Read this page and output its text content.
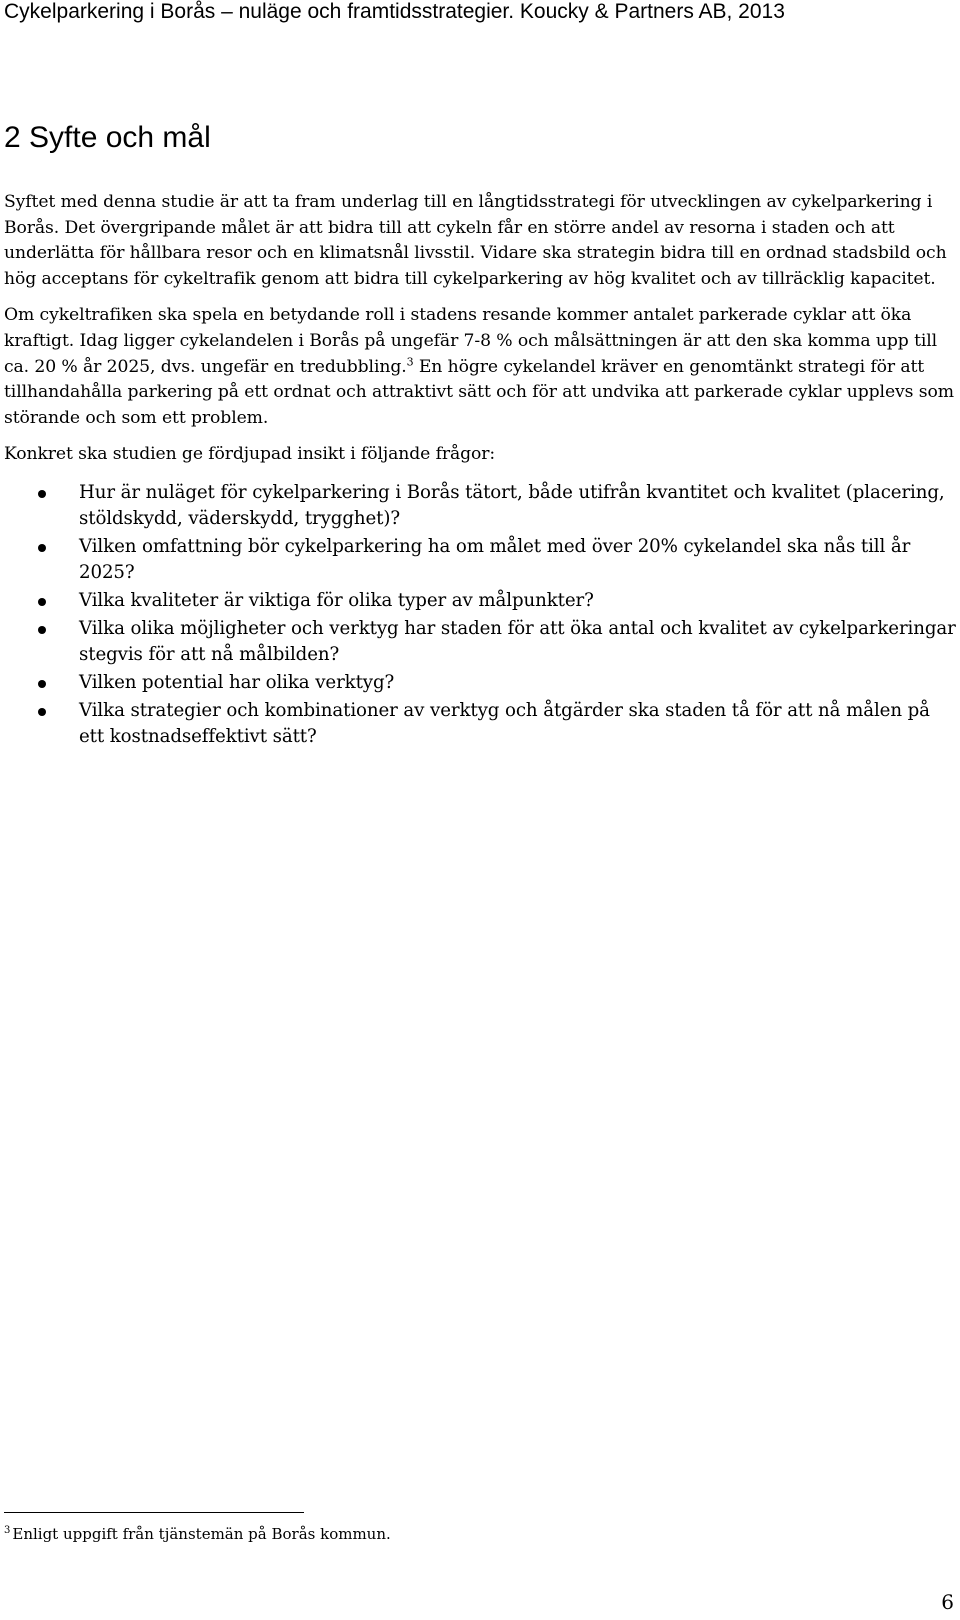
Cykelparkering i Borås – nuläge och framtidsstrategier. Koucky & Partners AB, 2013

2 Syfte och mål

Syftet med denna studie är att ta fram underlag till en långtidsstrategi för utvecklingen av cykelparkering i Borås. Det övergripande målet är att bidra till att cykeln får en större andel av resorna i staden och att underlätta för hållbara resor och en klimatsnål livsstil. Vidare ska strategin bidra till en ordnad stadsbild och hög acceptans för cykeltrafik genom att bidra till cykelparkering av hög kvalitet och av tillräcklig kapacitet.

Om cykeltrafiken ska spela en betydande roll i stadens resande kommer antalet parkerade cyklar att öka kraftigt. Idag ligger cykelandelen i Borås på ungefär 7-8 % och målsättningen är att den ska komma upp till ca. 20 % år 2025, dvs. ungefär en tredubbling.$^3$ En högre cykelandel kräver en genomtänkt strategi för att tillhandahålla parkering på ett ordnat och attraktivt sätt och för att undvika att parkerade cyklar upplevs som störande och som ett problem.

Konkret ska studien ge fördjupad insikt i följande frågor:

Hur är nuläget för cykelparkering i Borås tätort, både utifrån kvantitet och kvalitet (placering, stöldskydd, väderskydd, trygghet)?
Vilken omfattning bör cykelparkering ha om målet med över 20% cykelandel ska nås till år 2025?
Vilka kvaliteter är viktiga för olika typer av målpunkter?
Vilka olika möjligheter och verktyg har staden för att öka antal och kvalitet av cykelparkeringar stegvis för att nå målbilden?
Vilken potential har olika verktyg?
Vilka strategier och kombinationer av verktyg och åtgärder ska staden tå för att nå målen på ett kostnadseffektivt sätt?

$^3$ Enligt uppgift från tjänstemän på Borås kommun.

6
